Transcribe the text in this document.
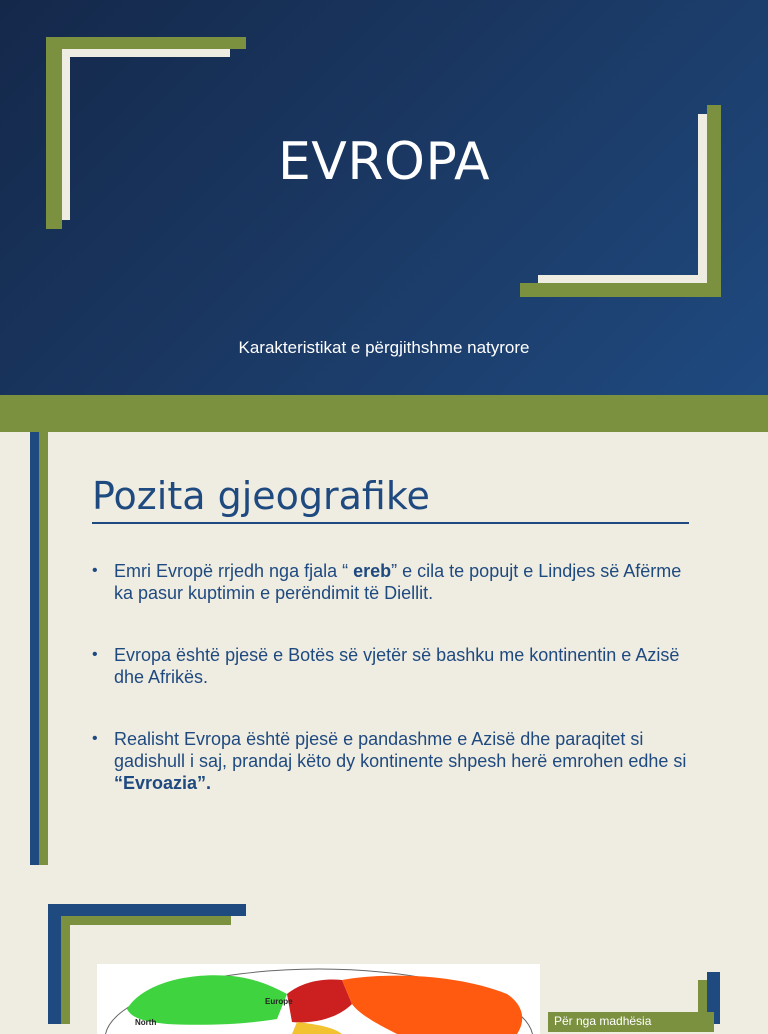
EVROPA
Karakteristikat e përgjithshme natyrore
Pozita gjeografike
• Emri Evropë rrjedh nga fjala “ ereb” e cila te popujt e Lindjes së Afërme ka pasur kuptimin e perëndimit të Diellit.
• Evropa është pjesë e Botës së vjetër së bashku me kontinentin e Azisë dhe Afrikës.
• Realisht Evropa është pjesë e pandashme e Azisë dhe paraqitet si gadishull i saj, prandaj këto dy kontinente shpesh herë emrohen edhe si “Evroazia”.
Europe
North	Për nga madhësia
